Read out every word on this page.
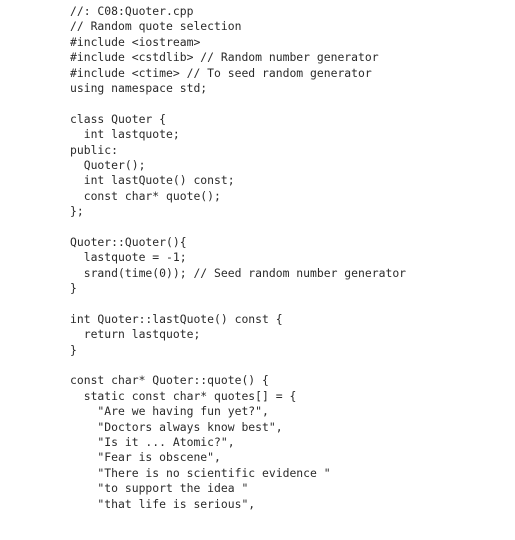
//: C08:Quoter.cpp
// Random quote selection
#include <iostream>
#include <cstdlib> // Random number generator
#include <ctime> // To seed random generator
using namespace std;
class Quoter {
int lastquote;
public:
Quoter();
int lastQuote() const;
const char* quote();
};
Quoter::Quoter(){
lastquote = -1;
srand(time(0)); // Seed random number generator
}
int Quoter::lastQuote() const {
return lastquote;
}
const char* Quoter::quote() {
static const char* quotes[] = {
"Are we having fun yet?",
"Doctors always know best",
"Is it ... Atomic?",
"Fear is obscene",
"There is no scientific evidence "
"to support the idea "
"that life is serious",
